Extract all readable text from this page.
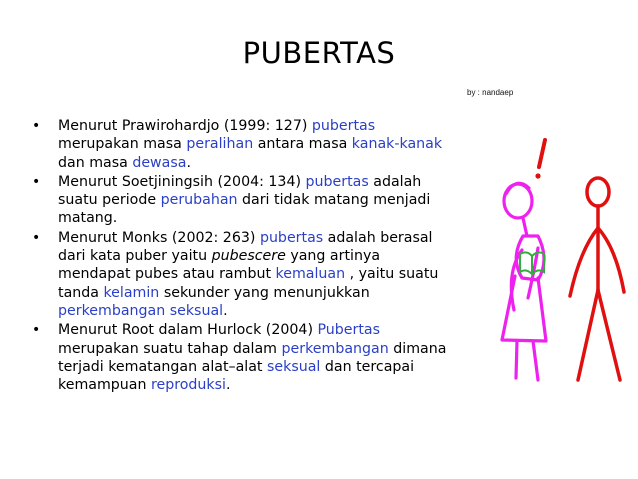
PUBERTAS
by : nandaep
• Menurut Prawirohardjo (1999: 127) pubertas merupakan masa peralihan antara masa kanak-kanak dan masa dewasa.
• Menurut Soetjiningsih (2004: 134) pubertas adalah suatu periode perubahan dari tidak matang menjadi matang.
• Menurut Monks (2002: 263) pubertas adalah berasal dari kata puber yaitu pubescere yang artinya mendapat pubes atau rambut kemaluan , yaitu suatu tanda kelamin sekunder yang menunjukkan perkembangan seksual.
• Menurut Root dalam Hurlock (2004) Pubertas merupakan suatu tahap dalam perkembangan dimana terjadi kematangan alat–alat seksual dan tercapai kemampuan reproduksi.
